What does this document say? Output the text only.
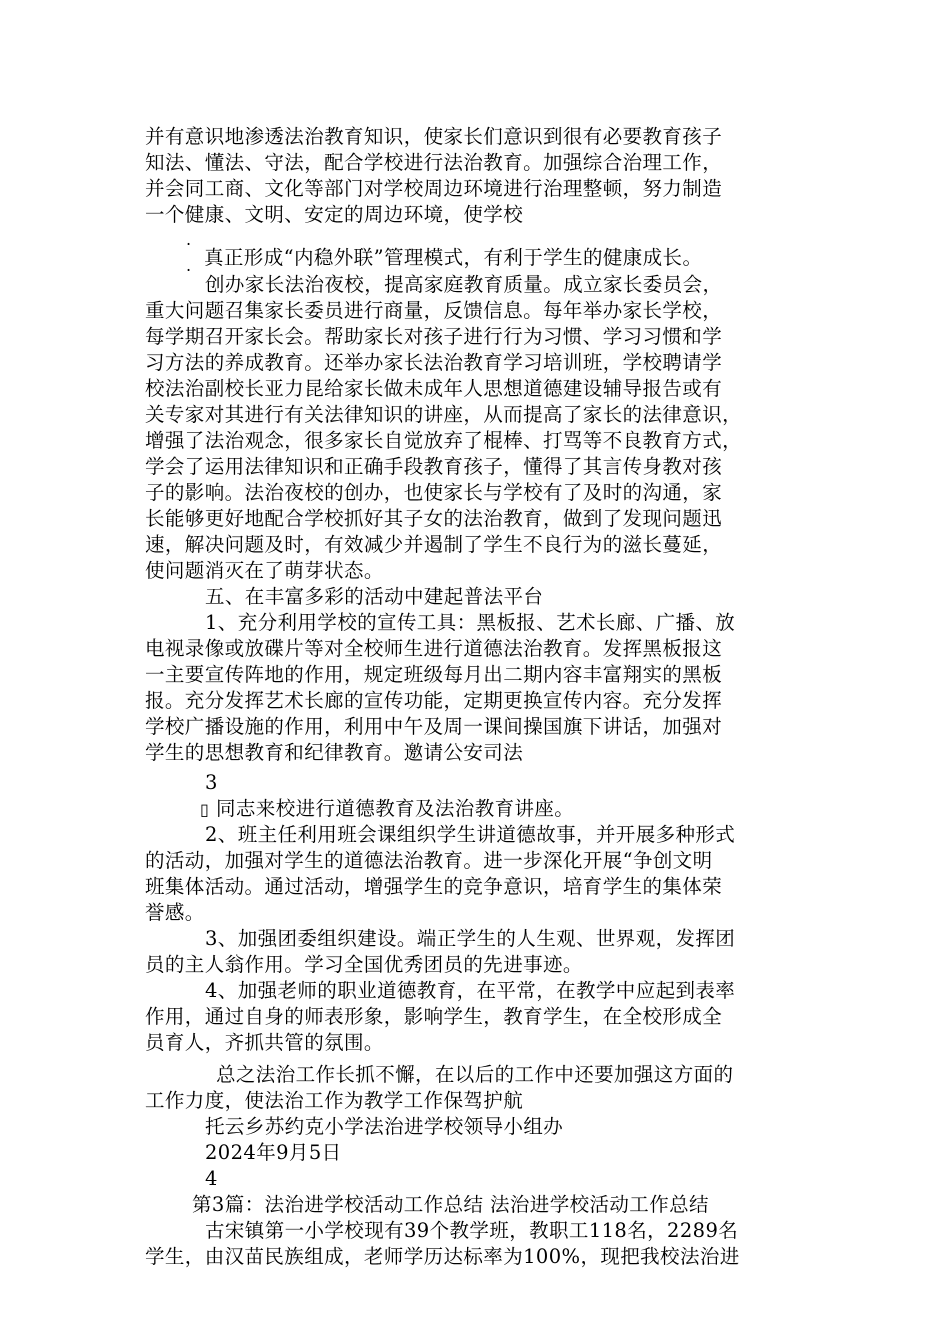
并有意识地渗透法治教育知识，使家长们意识到很有必要教育孩子
知法、懂法、守法，配合学校进行法治教育。加强综合治理工作，
并会同工商、文化等部门对学校周边环境进行治理整顿，努力制造
一个健康、文明、安定的周边环境，使学校
.
. 真正形成“内稳外联”管理模式，有利于学生的健康成长。
创办家长法治夜校，提高家庭教育质量。成立家长委员会，
重大问题召集家长委员进行商量，反馈信息。每年举办家长学校，
每学期召开家长会。帮助家长对孩子进行行为习惯、学习习惯和学
习方法的养成教育。还举办家长法治教育学习培训班，学校聘请学
校法治副校长亚力昆给家长做未成年人思想道德建设辅导报告或有
关专家对其进行有关法律知识的讲座，从而提高了家长的法律意识，
增强了法治观念，很多家长自觉放弃了棍棒、打骂等不良教育方式，
学会了运用法律知识和正确手段教育孩子，懂得了其言传身教对孩
子的影响。法治夜校的创办，也使家长与学校有了及时的沟通，家
长能够更好地配合学校抓好其子女的法治教育，做到了发现问题迅
速，解决问题及时，有效减少并遏制了学生不良行为的滋长蔓延，
使问题消灭在了萌芽状态。
五、在丰富多彩的活动中建起普法平台
1、充分利用学校的宣传工具：黑板报、艺术长廊、广播、放
电视录像或放碟片等对全校师生进行道德法治教育。发挥黑板报这
一主要宣传阵地的作用，规定班级每月出二期内容丰富翔实的黑板
报。充分发挥艺术长廊的宣传功能，定期更换宣传内容。充分发挥
学校广播设施的作用，利用中午及周一课间操国旗下讲话，加强对
学生的思想教育和纪律教育。邀请公安司法
3
▯ 同志来校进行道德教育及法治教育讲座。
2、班主任利用班会课组织学生讲道德故事，并开展多种形式
的活动，加强对学生的道德法治教育。进一步深化开展“争创文明
班集体活动。通过活动，增强学生的竞争意识，培育学生的集体荣
誉感。
3、加强团委组织建设。端正学生的人生观、世界观，发挥团
员的主人翁作用。学习全国优秀团员的先进事迹。
4、加强老师的职业道德教育，在平常，在教学中应起到表率
作用，通过自身的师表形象，影响学生，教育学生，在全校形成全
员育人，齐抓共管的氛围。
总之法治工作长抓不懈，在以后的工作中还要加强这方面的
工作力度，使法治工作为教学工作保驾护航
托云乡苏约克小学法治进学校领导小组办
2024年9月5日
4
第3篇：法治进学校活动工作总结 法治进学校活动工作总结
古宋镇第一小学校现有39个教学班，教职工118名，2289名
学生，由汉苗民族组成，老师学历达标率为100%，现把我校法治进
